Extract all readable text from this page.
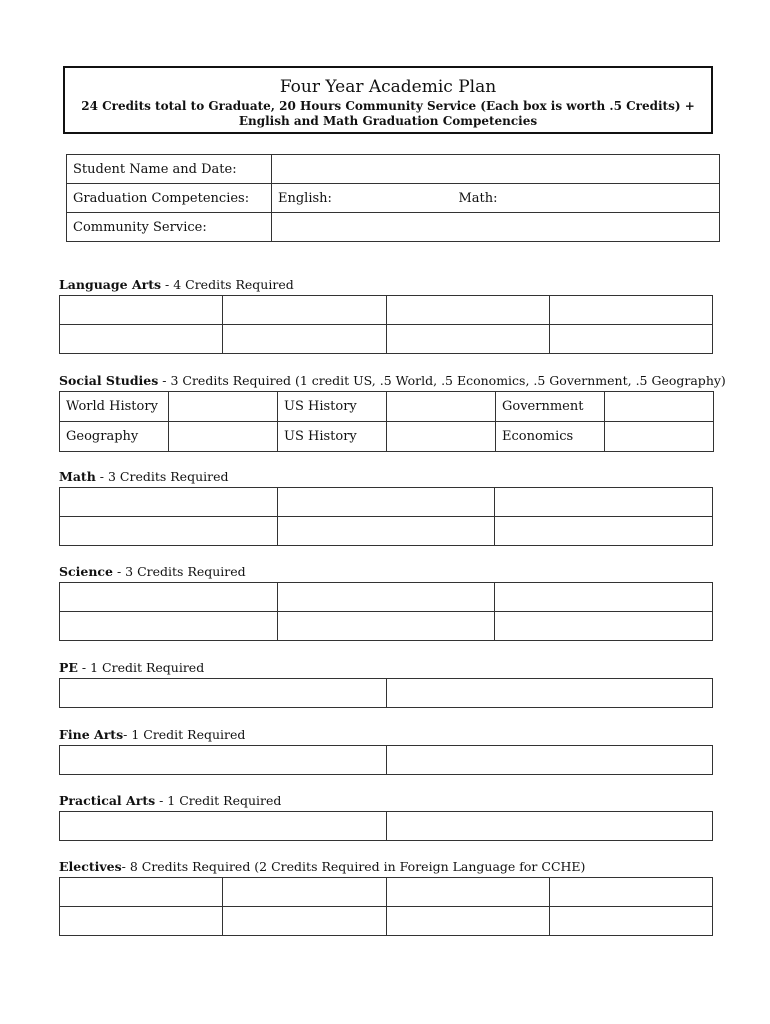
Four Year Academic Plan
24 Credits total to Graduate, 20 Hours Community Service (Each box is worth .5 Credits) + English and Math Graduation Competencies
Student Name and Date:		
Graduation Competencies:	English:	Math:
Community Service:		
Language Arts - 4 Credits Required

Social Studies - 3 Credits Required (1 credit US, .5 World, .5 Economics, .5 Government, .5 Geography)
World History		US History		Government	
Geography		US History		Economics	
Math - 3 Credits Required

Science - 3 Credits Required

PE - 1 Credit Required

Fine Arts- 1 Credit Required

Practical Arts - 1 Credit Required

Electives- 8 Credits Required (2 Credits Required in Foreign Language for CCHE)
